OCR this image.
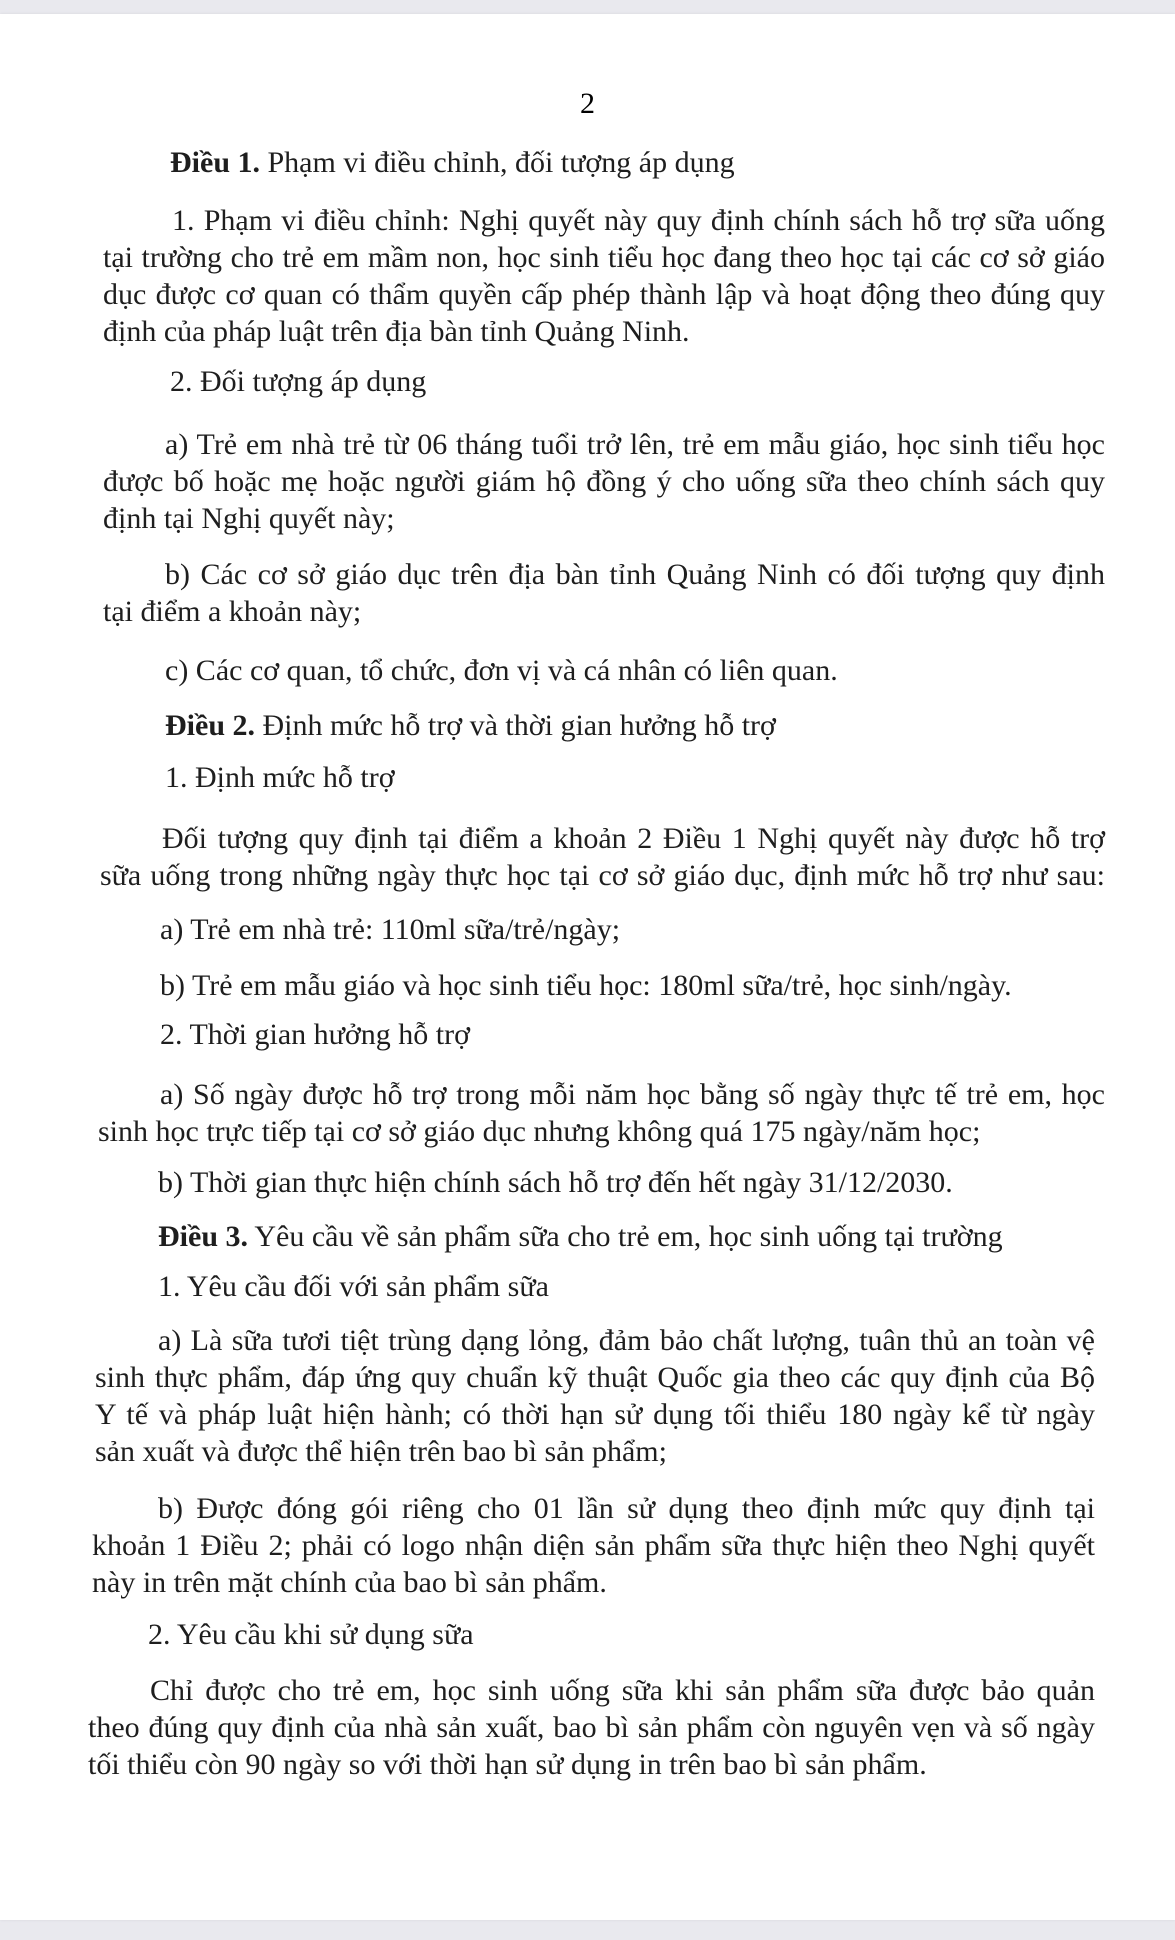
2
Điều 1. Phạm vi điều chỉnh, đối tượng áp dụng
1. Phạm vi điều chỉnh: Nghị quyết này quy định chính sách hỗ trợ sữa uống
tại trường cho trẻ em mầm non, học sinh tiểu học đang theo học tại các cơ sở giáo
dục được cơ quan có thẩm quyền cấp phép thành lập và hoạt động theo đúng quy
định của pháp luật trên địa bàn tỉnh Quảng Ninh.
2. Đối tượng áp dụng
a) Trẻ em nhà trẻ từ 06 tháng tuổi trở lên, trẻ em mẫu giáo, học sinh tiểu học
được bố hoặc mẹ hoặc người giám hộ đồng ý cho uống sữa theo chính sách quy
định tại Nghị quyết này;
b) Các cơ sở giáo dục trên địa bàn tỉnh Quảng Ninh có đối tượng quy định
tại điểm a khoản này;
c) Các cơ quan, tổ chức, đơn vị và cá nhân có liên quan.
Điều 2. Định mức hỗ trợ và thời gian hưởng hỗ trợ
1. Định mức hỗ trợ
Đối tượng quy định tại điểm a khoản 2 Điều 1 Nghị quyết này được hỗ trợ
sữa uống trong những ngày thực học tại cơ sở giáo dục, định mức hỗ trợ như sau:
a) Trẻ em nhà trẻ: 110ml sữa/trẻ/ngày;
b) Trẻ em mẫu giáo và học sinh tiểu học: 180ml sữa/trẻ, học sinh/ngày.
2. Thời gian hưởng hỗ trợ
a) Số ngày được hỗ trợ trong mỗi năm học bằng số ngày thực tế trẻ em, học
sinh học trực tiếp tại cơ sở giáo dục nhưng không quá 175 ngày/năm học;
b) Thời gian thực hiện chính sách hỗ trợ đến hết ngày 31/12/2030.
Điều 3. Yêu cầu về sản phẩm sữa cho trẻ em, học sinh uống tại trường
1. Yêu cầu đối với sản phẩm sữa
a) Là sữa tươi tiệt trùng dạng lỏng, đảm bảo chất lượng, tuân thủ an toàn vệ
sinh thực phẩm, đáp ứng quy chuẩn kỹ thuật Quốc gia theo các quy định của Bộ
Y tế và pháp luật hiện hành; có thời hạn sử dụng tối thiểu 180 ngày kể từ ngày
sản xuất và được thể hiện trên bao bì sản phẩm;
b) Được đóng gói riêng cho 01 lần sử dụng theo định mức quy định tại
khoản 1 Điều 2; phải có logo nhận diện sản phẩm sữa thực hiện theo Nghị quyết
này in trên mặt chính của bao bì sản phẩm.
2. Yêu cầu khi sử dụng sữa
Chỉ được cho trẻ em, học sinh uống sữa khi sản phẩm sữa được bảo quản
theo đúng quy định của nhà sản xuất, bao bì sản phẩm còn nguyên vẹn và số ngày
tối thiểu còn 90 ngày so với thời hạn sử dụng in trên bao bì sản phẩm.
